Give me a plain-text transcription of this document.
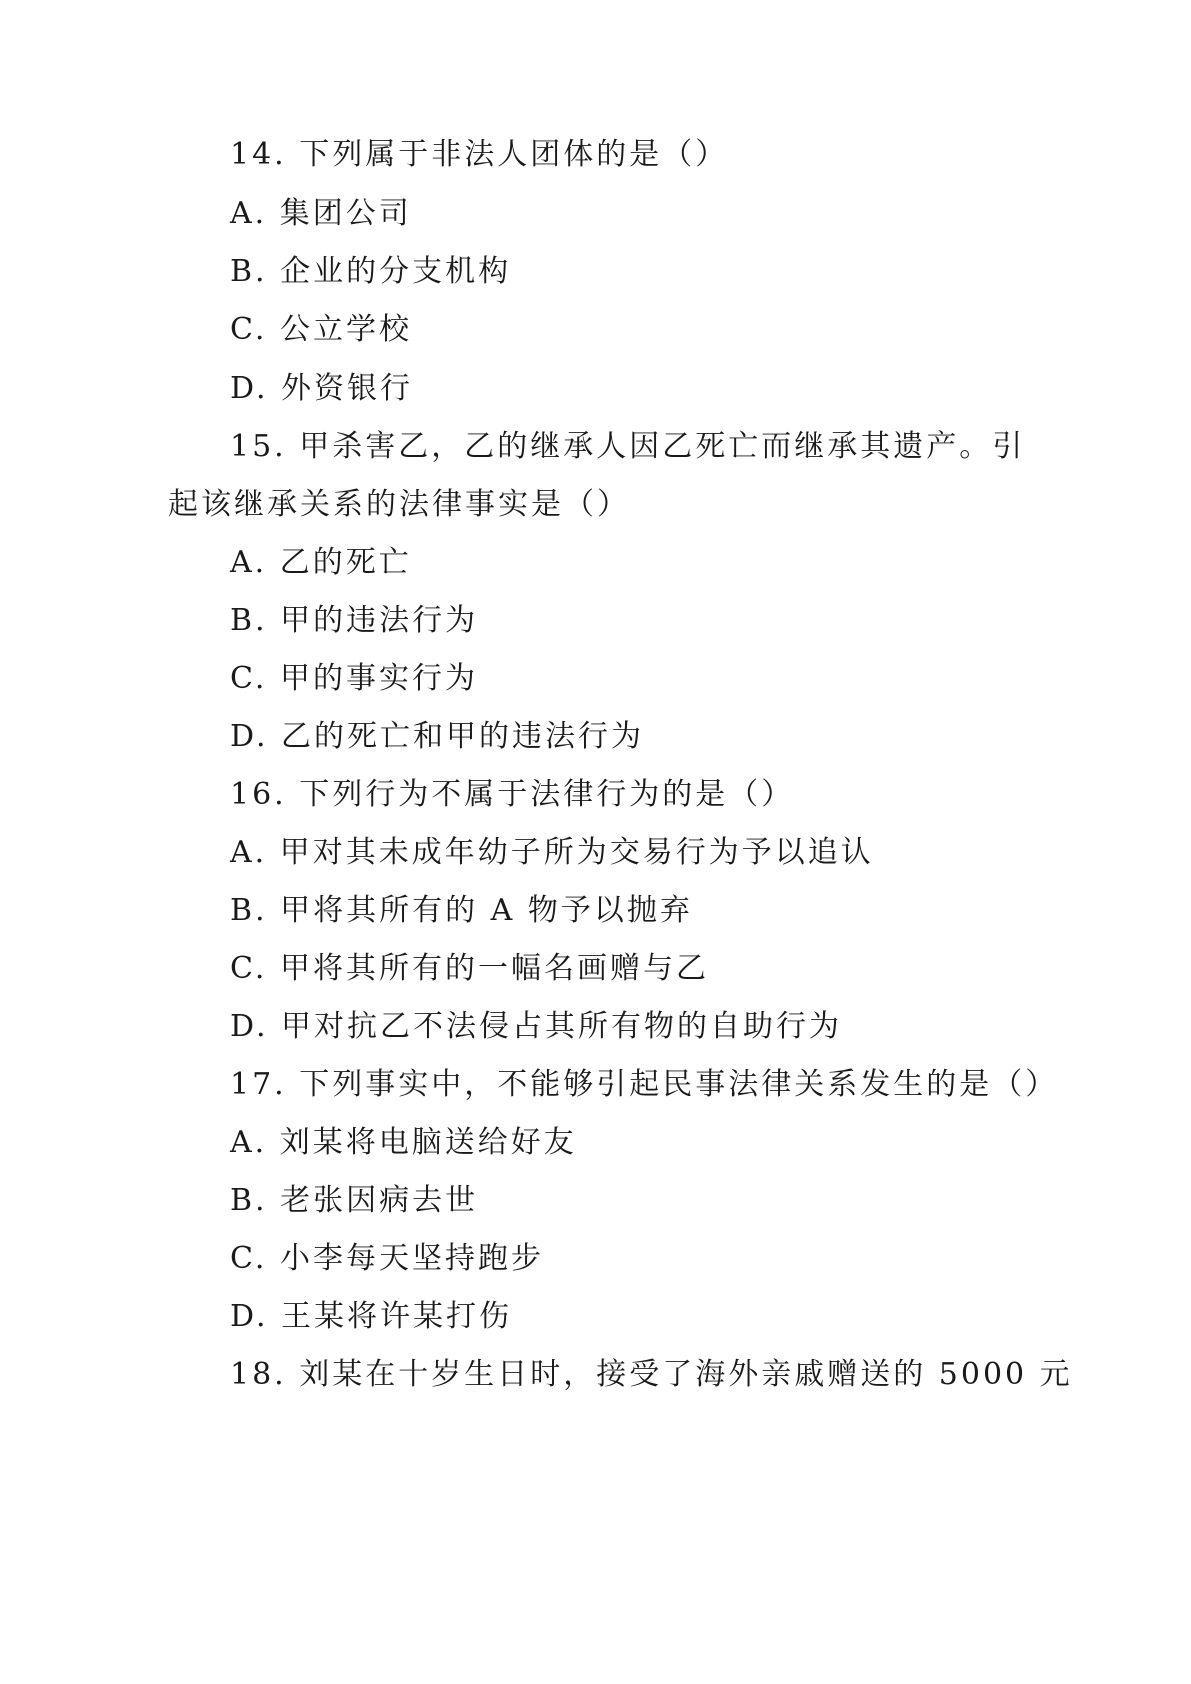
14. 下列属于非法人团体的是（）
A. 集团公司
B. 企业的分支机构
C. 公立学校
D. 外资银行
15. 甲杀害乙，乙的继承人因乙死亡而继承其遗产。引
起该继承关系的法律事实是（）
A. 乙的死亡
B. 甲的违法行为
C. 甲的事实行为
D. 乙的死亡和甲的违法行为
16. 下列行为不属于法律行为的是（）
A. 甲对其未成年幼子所为交易行为予以追认
B. 甲将其所有的 A 物予以抛弃
C. 甲将其所有的一幅名画赠与乙
D. 甲对抗乙不法侵占其所有物的自助行为
17. 下列事实中，不能够引起民事法律关系发生的是（）
A. 刘某将电脑送给好友
B. 老张因病去世
C. 小李每天坚持跑步
D. 王某将许某打伤
18. 刘某在十岁生日时，接受了海外亲戚赠送的 5000 元
